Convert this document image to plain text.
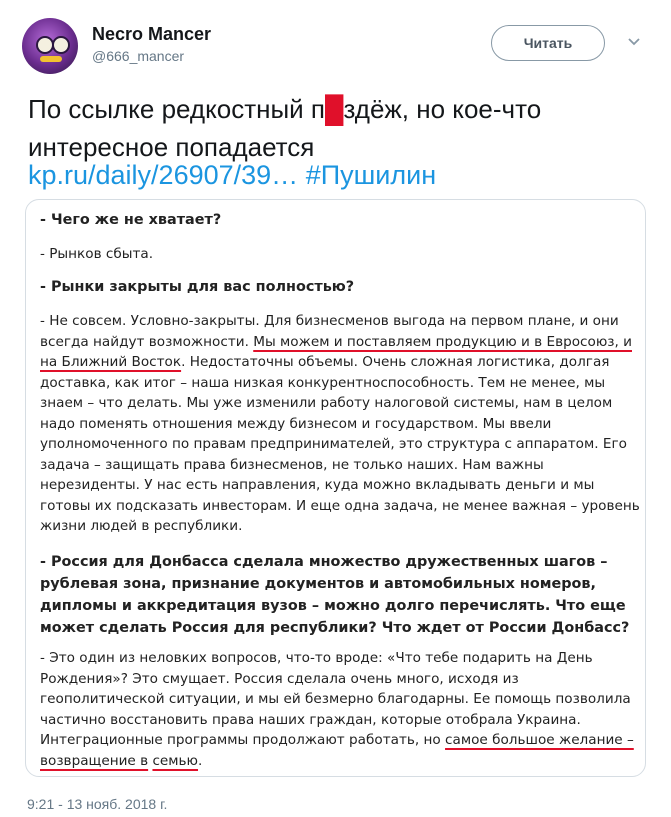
Necro Mancer
@666_mancer
Читать
По ссылке редкостный п█здёж, но кое-что интересное попадается
kp.ru/daily/26907/39… #Пушилин
- Чего же не хватает?
- Рынков сбыта.
- Рынки закрыты для вас полностью?
- Не совсем. Условно-закрыты. Для бизнесменов выгода на первом плане, и они
всегда найдут возможности. Мы можем и поставляем продукцию и в Евросоюз, и
на Ближний Восток. Недостаточны объемы. Очень сложная логистика, долгая
доставка, как итог – наша низкая конкурентноспособность. Тем не менее, мы знаем – что делать. Мы уже изменили работу налоговой системы, нам в целом надо поменять отношения между бизнесом и государством. Мы ввели уполномоченного по правам предпринимателей, это структура с аппаратом. Его задача – защищать права бизнесменов, не только наших. Нам важны нерезиденты. У нас есть направления, куда можно вкладывать деньги и мы готовы их подсказать инвесторам. И еще одна задача, не менее важная – уровень жизни людей в республики.
- Россия для Донбасса сделала множество дружественных шагов – рублевая зона, признание документов и автомобильных номеров, дипломы и аккредитация вузов – можно долго перечислять. Что еще может сделать Россия для республики? Что ждет от России Донбасс?
- Это один из неловких вопросов, что-то вроде: «Что тебе подарить на День Рождения»? Это смущает. Россия сделала очень много, исходя из геополитической ситуации, и мы ей безмерно благодарны. Ее помощь позволила частично восстановить права наших граждан, которые отобрала Украина. Интеграционные программы продолжают работать, но самое большое желание – возвращение в семью.
9:21 - 13 нояб. 2018 г.
